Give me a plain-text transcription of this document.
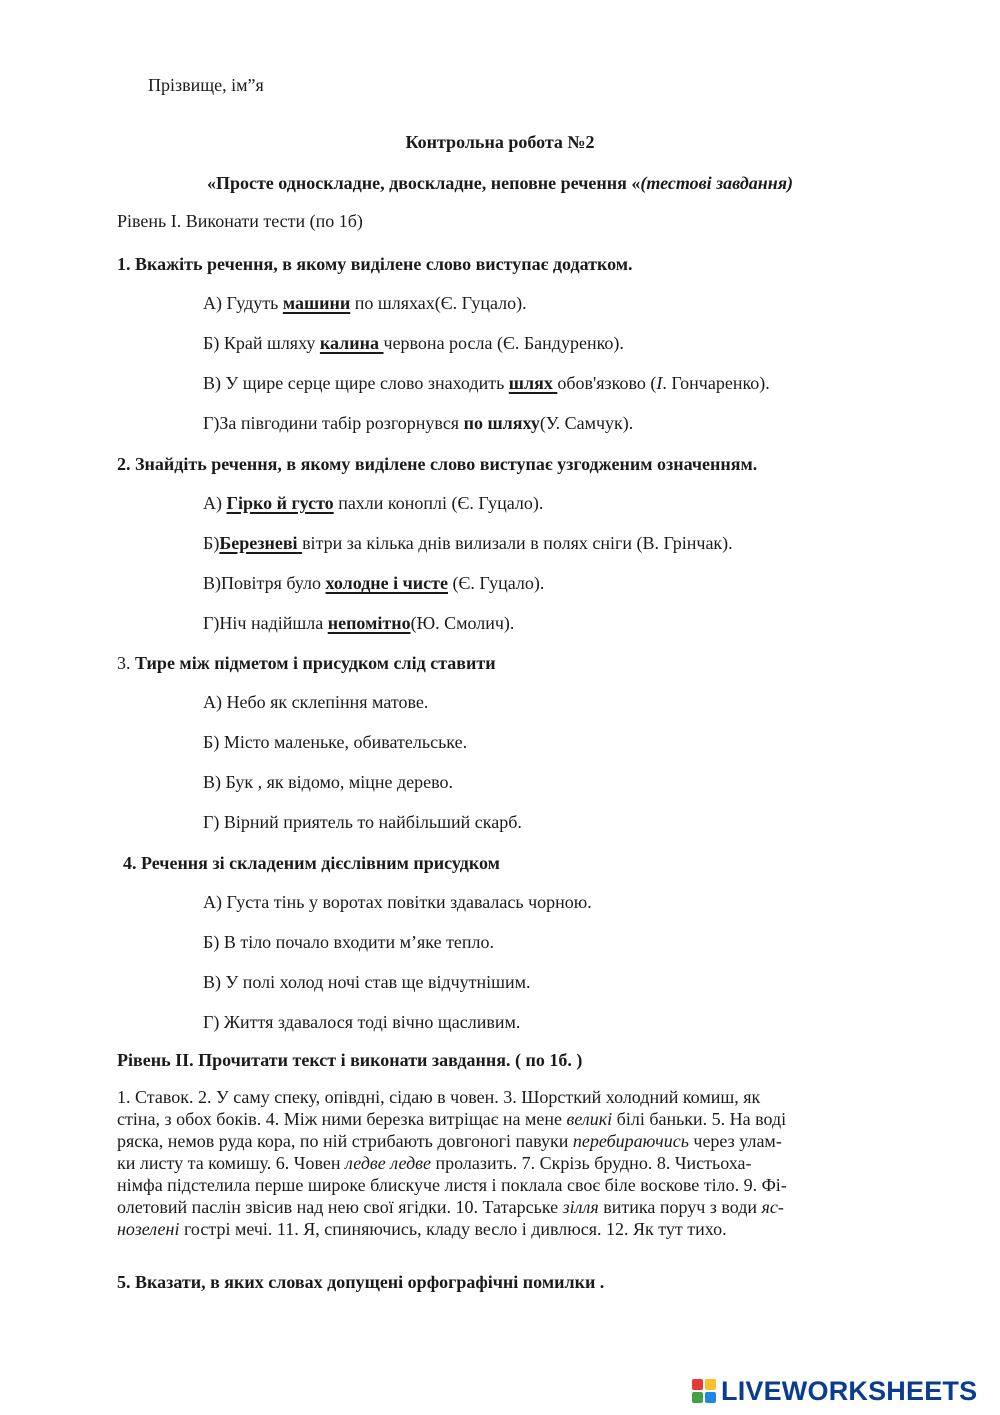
Прізвище, ім”я
Контрольна робота №2
«Просте односкладне, двоскладне, неповне речення «(тестові завдання)
Рівень І. Виконати тести (по 1б)
1. Вкажіть речення, в якому виділене слово виступає додатком.
А) Гудуть машини по шляхах(Є. Гуцало).
Б) Край шляху калина червона росла (Є. Бандуренко).
В) У щире серце щире слово знаходить шлях обов'язково (І. Гончаренко).
Г)За півгодини табір розгорнувся по шляху(У. Самчук).
2. Знайдіть речення, в якому виділене слово виступає узгодженим означенням.
А) Гірко й густо пахли коноплі (Є. Гуцало).
Б)Березневі вітри за кілька днів вилизали в полях сніги (В. Грінчак).
В)Повітря було холодне і чисте (Є. Гуцало).
Г)Ніч надійшла непомітно(Ю. Смолич).
3. Тире між підметом і присудком слід ставити
А) Небо як склепіння матове.
Б) Місто маленьке, обивательське.
В) Бук , як відомо, міцне дерево.
Г) Вірний приятель то найбільший скарб.
4. Речення зі складеним дієслівним присудком
А) Густа тінь у воротах повітки здавалась чорною.
Б) В тіло почало входити м’яке тепло.
В) У полі холод ночі став ще відчутнішим.
Г) Життя здавалося тоді вічно щасливим.
Рівень ІІ. Прочитати текст і виконати завдання. ( по 1б. )
1. Ставок. 2. У саму спеку, опівдні, сідаю в човен. 3. Шорсткий холодний комиш, як
стіна, з обох боків. 4. Між ними березка витріщає на мене великі білі баньки. 5. На воді
ряска, немов руда кора, по ній стрибають довгоногі павуки перебираючись через улам-
ки листу та комишу. 6. Човен ледве ледве пролазить. 7. Скрізь брудно. 8. Чистьоха-
німфа підстелила перше широке блискуче листя і поклала своє біле воскове тіло. 9. Фі-
олетовий паслін звісив над нею свої ягідки. 10. Татарське зілля витика поруч з води яс-
нозелені гострі мечі. 11. Я, спиняючись, кладу весло і дивлюся. 12. Як тут тихо.
5. Вказати, в яких словах допущені орфографічні помилки .
LIVEWORKSHEETS
